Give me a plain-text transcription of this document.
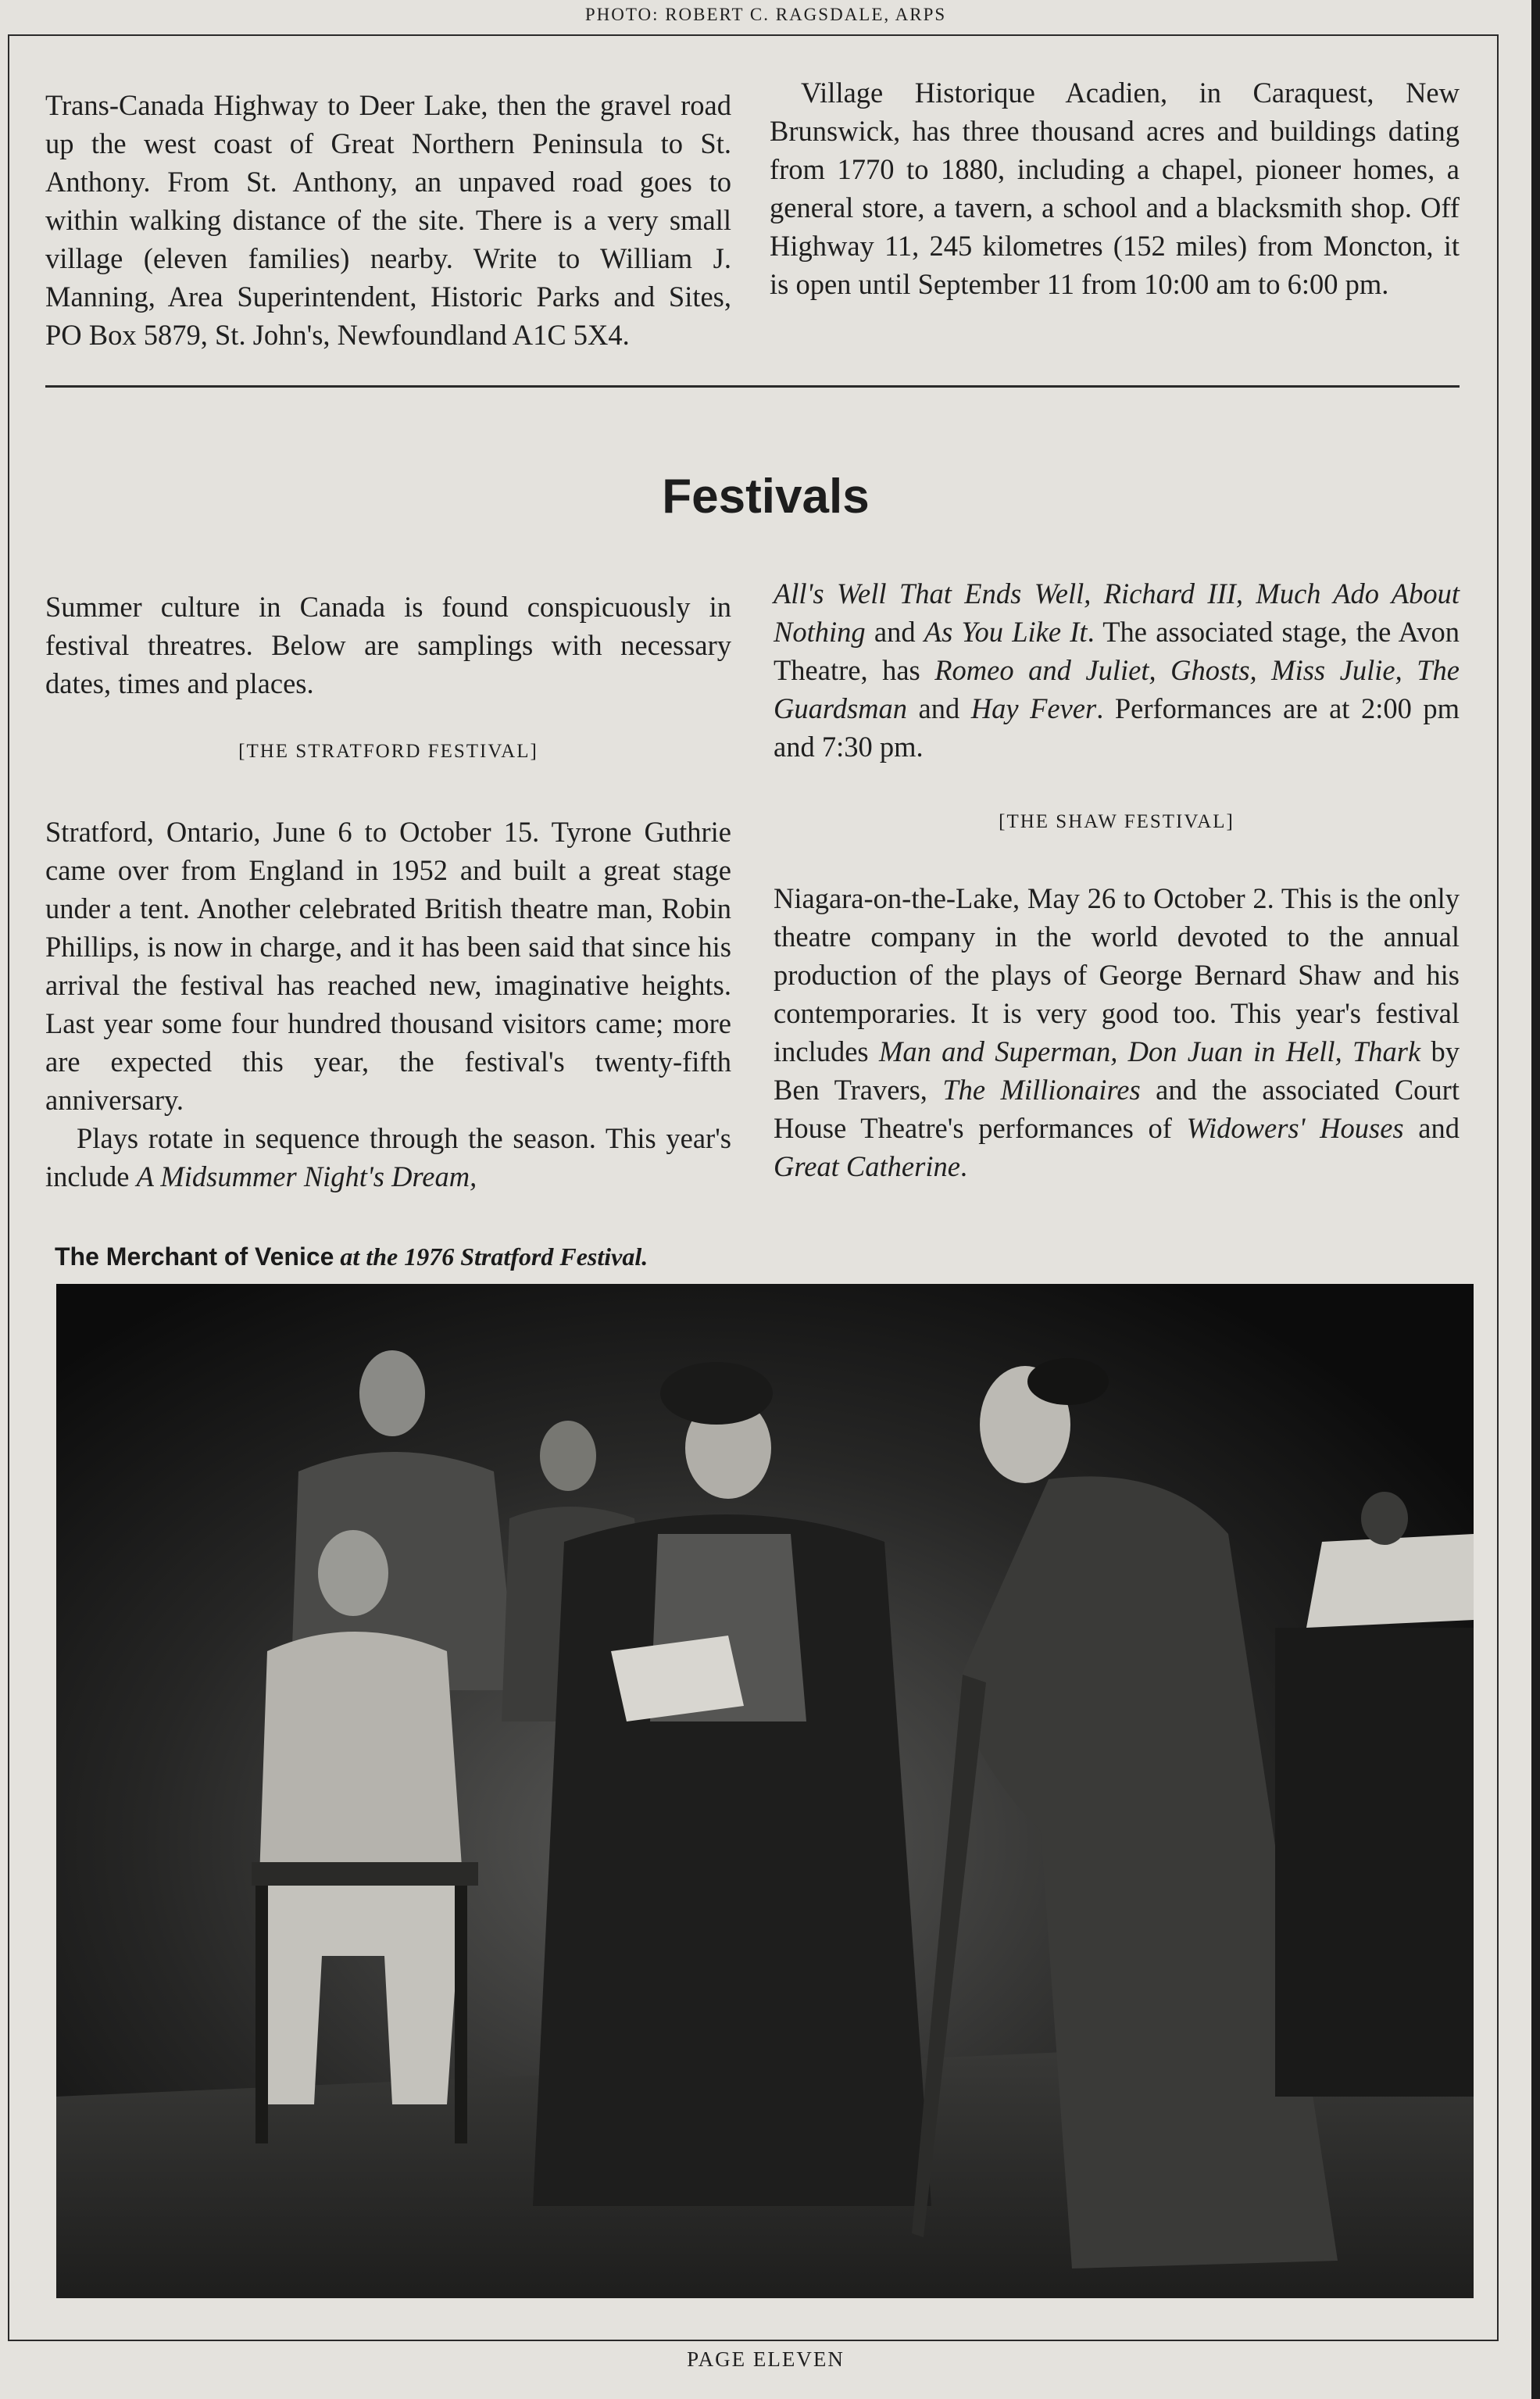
PHOTO: ROBERT C. RAGSDALE, ARPS

Trans-Canada Highway to Deer Lake, then the gravel road up the west coast of Great Northern Peninsula to St. Anthony. From St. Anthony, an unpaved road goes to within walking distance of the site. There is a very small village (eleven families) nearby. Write to William J. Manning, Area Superintendent, Historic Parks and Sites, PO Box 5879, St. John's, Newfoundland A1C 5X4.

Village Historique Acadien, in Caraquest, New Brunswick, has three thousand acres and buildings dating from 1770 to 1880, including a chapel, pioneer homes, a general store, a tavern, a school and a blacksmith shop. Off Highway 11, 245 kilometres (152 miles) from Moncton, it is open until September 11 from 10:00 am to 6:00 pm.

Festivals

Summer culture in Canada is found conspicuously in festival threatres. Below are samplings with necessary dates, times and places.

[THE STRATFORD FESTIVAL]

Stratford, Ontario, June 6 to October 15. Tyrone Guthrie came over from England in 1952 and built a great stage under a tent. Another celebrated British theatre man, Robin Phillips, is now in charge, and it has been said that since his arrival the festival has reached new, imaginative heights. Last year some four hundred thousand visitors came; more are expected this year, the festival's twenty-fifth anniversary.

Plays rotate in sequence through the season. This year's include A Midsummer Night's Dream,

All's Well That Ends Well, Richard III, Much Ado About Nothing and As You Like It. The associated stage, the Avon Theatre, has Romeo and Juliet, Ghosts, Miss Julie, The Guardsman and Hay Fever. Performances are at 2:00 pm and 7:30 pm.

[THE SHAW FESTIVAL]

Niagara-on-the-Lake, May 26 to October 2. This is the only theatre company in the world devoted to the annual production of the plays of George Bernard Shaw and his contemporaries. It is very good too. This year's festival includes Man and Superman, Don Juan in Hell, Thark by Ben Travers, The Millionaires and the associated Court House Theatre's performances of Widowers' Houses and Great Catherine.

The Merchant of Venice at the 1976 Stratford Festival.

PAGE ELEVEN
